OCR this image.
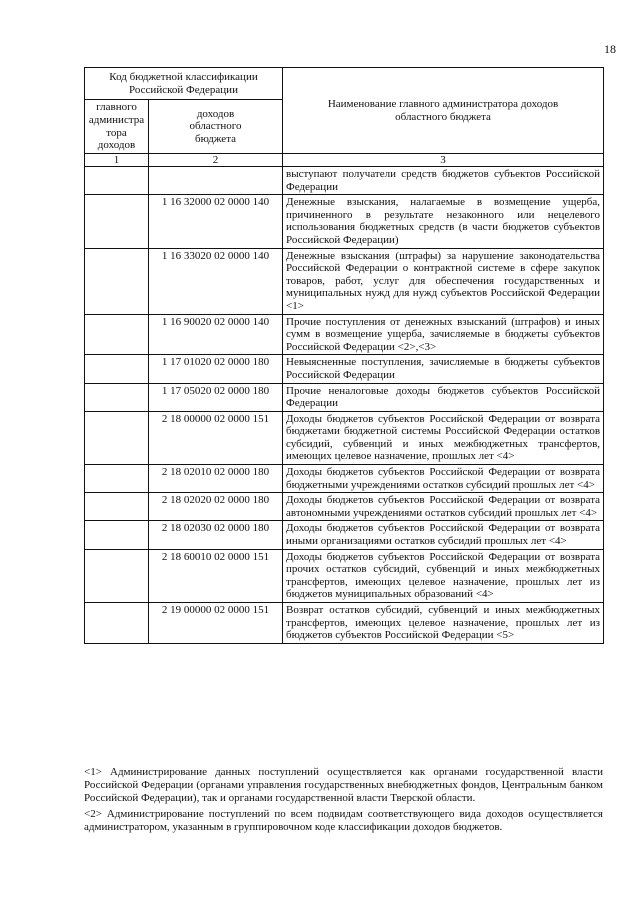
18
Код бюджетной классификации Российской Федерации		Наименование главного администратора доходов областного бюджета
главного администра тора доходов	доходов областного бюджета	
1	2	3
		выступают получатели средств бюджетов субъектов Российской Федерации
	1 16 32000 02 0000 140	Денежные взыскания, налагаемые в возмещение ущерба, причиненного в результате незаконного или нецелевого использования бюджетных средств (в части бюджетов субъектов Российской Федерации)
	1 16 33020 02 0000 140	Денежные взыскания (штрафы) за нарушение законодательства Российской Федерации о контрактной системе в сфере закупок товаров, работ, услуг для обеспечения государственных и муниципальных нужд для нужд субъектов Российской Федерации <1>
	1 16 90020 02 0000 140	Прочие поступления от денежных взысканий (штрафов) и иных сумм в возмещение ущерба, зачисляемые в бюджеты субъектов Российской Федерации <2>,<3>
	1 17 01020 02 0000 180	Невыясненные поступления, зачисляемые в бюджеты субъектов Российской Федерации
	1 17 05020 02 0000 180	Прочие неналоговые доходы бюджетов субъектов Российской Федерации
	2 18 00000 02 0000 151	Доходы бюджетов субъектов Российской Федерации от возврата бюджетами бюджетной системы Российской Федерации остатков субсидий, субвенций и иных межбюджетных трансфертов, имеющих целевое назначение, прошлых лет <4>
	2 18 02010 02 0000 180	Доходы бюджетов субъектов Российской Федерации от возврата бюджетными учреждениями остатков субсидий прошлых лет <4>
	2 18 02020 02 0000 180	Доходы бюджетов субъектов Российской Федерации от возврата автономными учреждениями остатков субсидий прошлых лет <4>
	2 18 02030 02 0000 180	Доходы бюджетов субъектов Российской Федерации от возврата иными организациями остатков субсидий прошлых лет <4>
	2 18 60010 02 0000 151	Доходы бюджетов субъектов Российской Федерации от возврата прочих остатков субсидий, субвенций и иных межбюджетных трансфертов, имеющих целевое назначение, прошлых лет из бюджетов муниципальных образований <4>
	2 19 00000 02 0000 151	Возврат остатков субсидий, субвенций и иных межбюджетных трансфертов, имеющих целевое назначение, прошлых лет из бюджетов субъектов Российской Федерации <5>

<1> Администрирование данных поступлений осуществляется как органами государственной власти Российской Федерации (органами управления государственных внебюджетных фондов, Центральным банком Российской Федерации), так и органами государственной власти Тверской области.

<2> Администрирование поступлений по всем подвидам соответствующего вида доходов осуществляется администратором, указанным в группировочном коде классификации доходов бюджетов.
